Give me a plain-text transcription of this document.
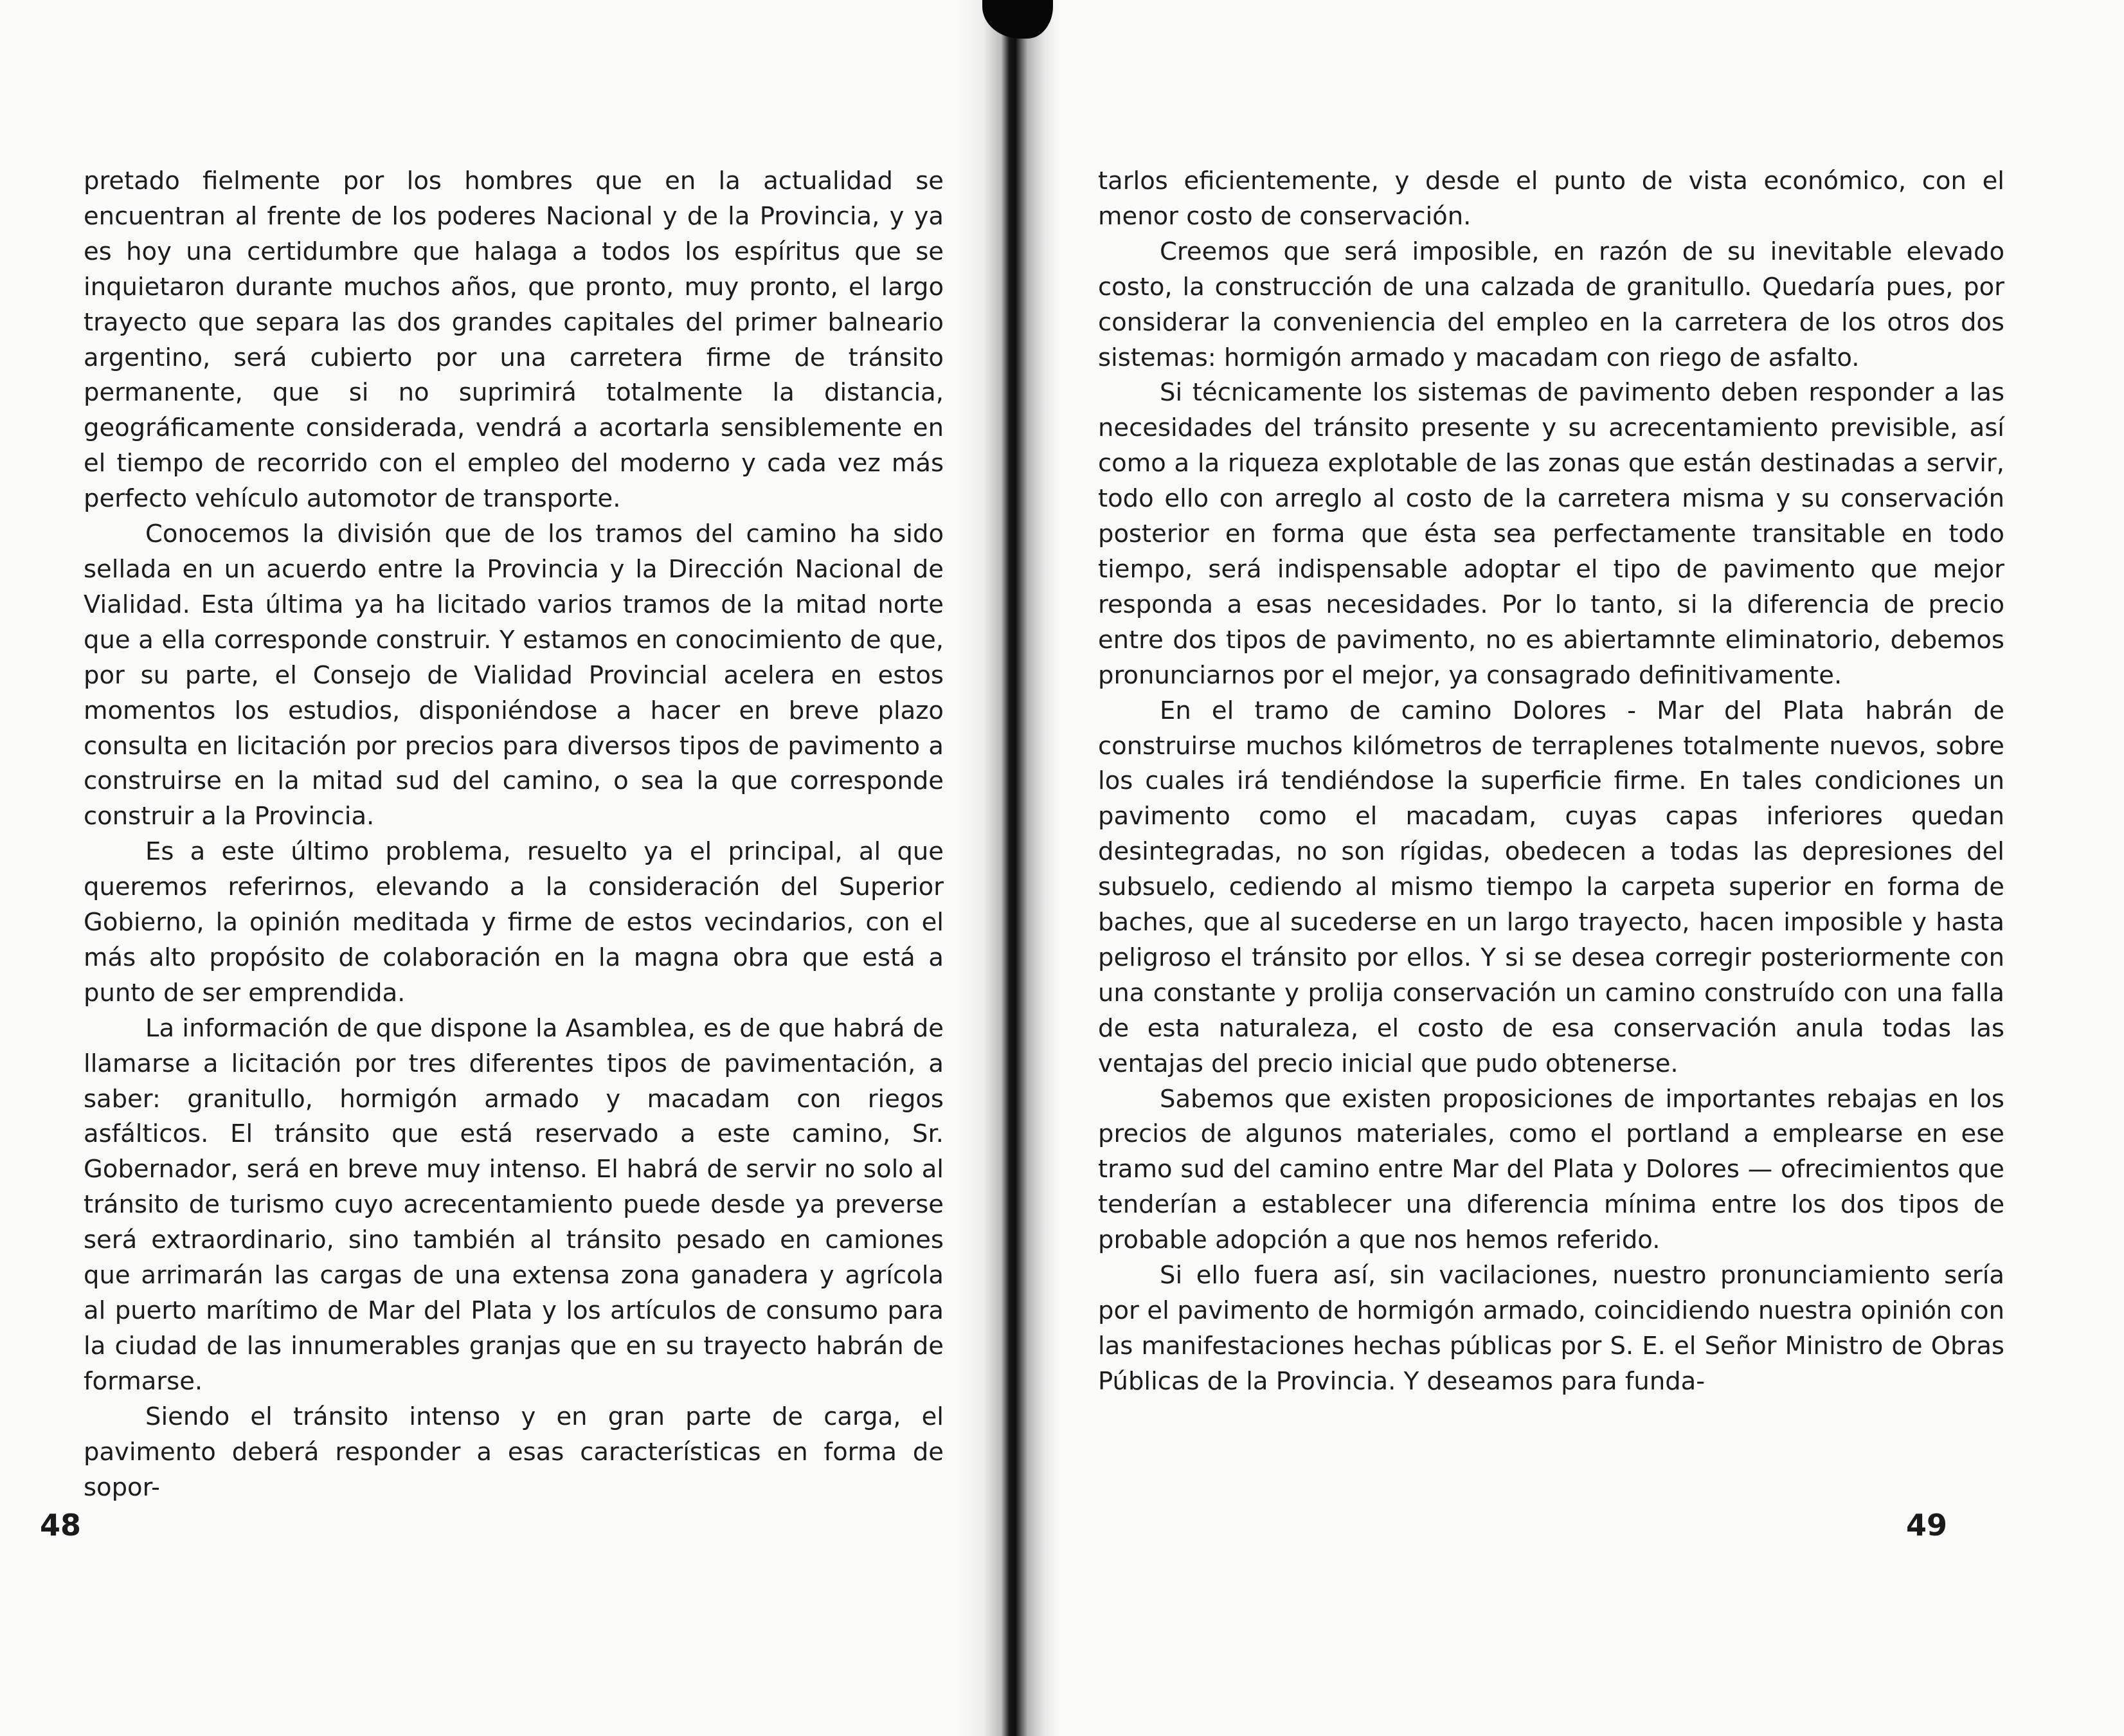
pretado fielmente por los hombres que en la actualidad se encuentran al frente de los poderes Nacional y de la Provincia, y ya es hoy una certidumbre que halaga a todos los espíritus que se inquietaron durante muchos años, que pronto, muy pronto, el largo trayecto que separa las dos grandes capitales del primer balneario argentino, será cubierto por una carretera firme de tránsito permanente, que si no suprimirá totalmente la distancia, geográficamente considerada, vendrá a acortarla sensiblemente en el tiempo de recorrido con el empleo del moderno y cada vez más perfecto vehículo automotor de transporte.

Conocemos la división que de los tramos del camino ha sido sellada en un acuerdo entre la Provincia y la Dirección Nacional de Vialidad. Esta última ya ha licitado varios tramos de la mitad norte que a ella corresponde construir. Y estamos en conocimiento de que, por su parte, el Consejo de Vialidad Provincial acelera en estos momentos los estudios, disponiéndose a hacer en breve plazo consulta en licitación por precios para diversos tipos de pavimento a construirse en la mitad sud del camino, o sea la que corresponde construir a la Provincia.

Es a este último problema, resuelto ya el principal, al que queremos referirnos, elevando a la consideración del Superior Gobierno, la opinión meditada y firme de estos vecindarios, con el más alto propósito de colaboración en la magna obra que está a punto de ser emprendida.

La información de que dispone la Asamblea, es de que habrá de llamarse a licitación por tres diferentes tipos de pavimentación, a saber: granitullo, hormigón armado y macadam con riegos asfálticos. El tránsito que está reservado a este camino, Sr. Gobernador, será en breve muy intenso. El habrá de servir no solo al tránsito de turismo cuyo acrecentamiento puede desde ya preverse será extraordinario, sino también al tránsito pesado en camiones que arrimarán las cargas de una extensa zona ganadera y agrícola al puerto marítimo de Mar del Plata y los artículos de consumo para la ciudad de las innumerables granjas que en su trayecto habrán de formarse.

Siendo el tránsito intenso y en gran parte de carga, el pavimento deberá responder a esas características en forma de sopor-

48

tarlos eficientemente, y desde el punto de vista económico, con el menor costo de conservación.

Creemos que será imposible, en razón de su inevitable elevado costo, la construcción de una calzada de granitullo. Quedaría pues, por considerar la conveniencia del empleo en la carretera de los otros dos sistemas: hormigón armado y macadam con riego de asfalto.

Si técnicamente los sistemas de pavimento deben responder a las necesidades del tránsito presente y su acrecentamiento previsible, así como a la riqueza explotable de las zonas que están destinadas a servir, todo ello con arreglo al costo de la carretera misma y su conservación posterior en forma que ésta sea perfectamente transitable en todo tiempo, será indispensable adoptar el tipo de pavimento que mejor responda a esas necesidades. Por lo tanto, si la diferencia de precio entre dos tipos de pavimento, no es abiertamnte eliminatorio, debemos pronunciarnos por el mejor, ya consagrado definitivamente.

En el tramo de camino Dolores - Mar del Plata habrán de construirse muchos kilómetros de terraplenes totalmente nuevos, sobre los cuales irá tendiéndose la superficie firme. En tales condiciones un pavimento como el macadam, cuyas capas inferiores quedan desintegradas, no son rígidas, obedecen a todas las depresiones del subsuelo, cediendo al mismo tiempo la carpeta superior en forma de baches, que al sucederse en un largo trayecto, hacen imposible y hasta peligroso el tránsito por ellos. Y si se desea corregir posteriormente con una constante y prolija conservación un camino construído con una falla de esta naturaleza, el costo de esa conservación anula todas las ventajas del precio inicial que pudo obtenerse.

Sabemos que existen proposiciones de importantes rebajas en los precios de algunos materiales, como el portland a emplearse en ese tramo sud del camino entre Mar del Plata y Dolores — ofrecimientos que tenderían a establecer una diferencia mínima entre los dos tipos de probable adopción a que nos hemos referido.

Si ello fuera así, sin vacilaciones, nuestro pronunciamiento sería por el pavimento de hormigón armado, coincidiendo nuestra opinión con las manifestaciones hechas públicas por S. E. el Señor Ministro de Obras Públicas de la Provincia. Y deseamos para funda-

49
